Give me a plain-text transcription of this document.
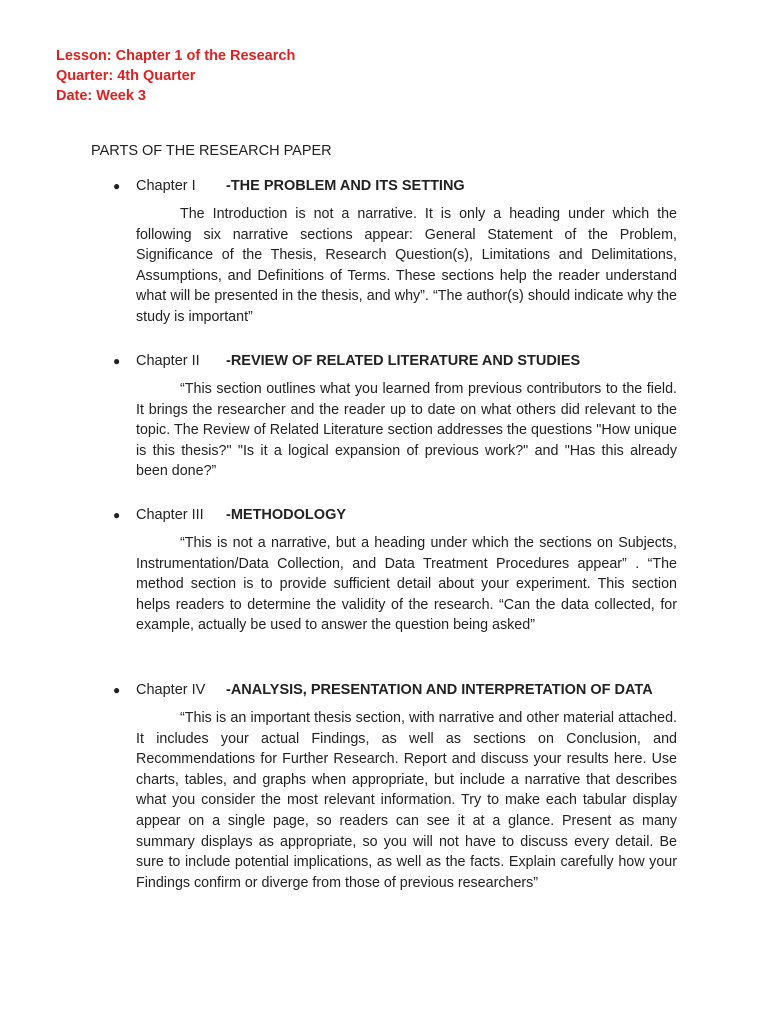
Lesson: Chapter 1 of the Research
Quarter: 4th Quarter
Date: Week 3
PARTS OF THE RESEARCH PAPER
● Chapter I -THE PROBLEM AND ITS SETTING
The Introduction is not a narrative. It is only a heading under which the following six narrative sections appear: General Statement of the Problem, Significance of the Thesis, Research Question(s), Limitations and Delimitations, Assumptions, and Definitions of Terms. These sections help the reader understand what will be presented in the thesis, and why”. “The author(s) should indicate why the study is important”
● Chapter II -REVIEW OF RELATED LITERATURE AND STUDIES
“This section outlines what you learned from previous contributors to the field. It brings the researcher and the reader up to date on what others did relevant to the topic. The Review of Related Literature section addresses the questions "How unique is this thesis?" "Is it a logical expansion of previous work?" and "Has this already been done?”
● Chapter III -METHODOLOGY
“This is not a narrative, but a heading under which the sections on Subjects, Instrumentation/Data Collection, and Data Treatment Procedures appear” . “The method section is to provide sufficient detail about your experiment. This section helps readers to determine the validity of the research. “Can the data collected, for example, actually be used to answer the question being asked”
● Chapter IV -ANALYSIS, PRESENTATION AND INTERPRETATION OF DATA
“This is an important thesis section, with narrative and other material attached. It includes your actual Findings, as well as sections on Conclusion, and Recommendations for Further Research. Report and discuss your results here. Use charts, tables, and graphs when appropriate, but include a narrative that describes what you consider the most relevant information. Try to make each tabular display appear on a single page, so readers can see it at a glance. Present as many summary displays as appropriate, so you will not have to discuss every detail. Be sure to include potential implications, as well as the facts. Explain carefully how your Findings confirm or diverge from those of previous researchers”
